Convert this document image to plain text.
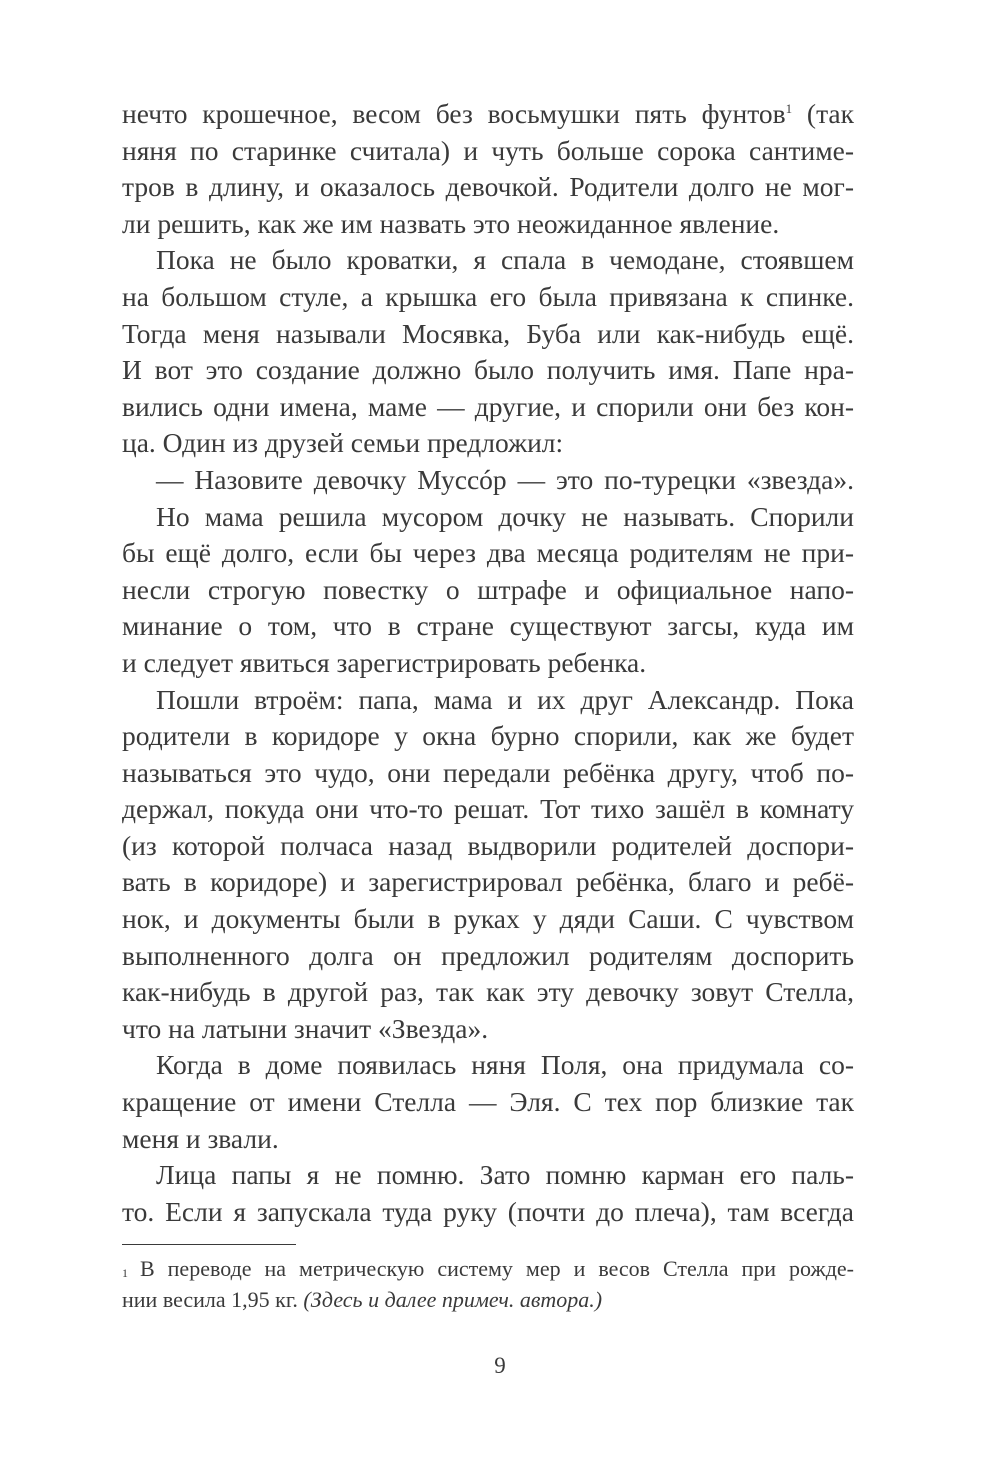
нечто крошечное, весом без восьмушки пять фунтов$^1$ (так
няня по старинке считала) и чуть больше сорока сантиме-
тров в длину, и оказалось девочкой. Родители долго не мог-
ли решить, как же им назвать это неожиданное явление.
Пока не было кроватки, я спала в чемодане, стоявшем
на большом стуле, а крышка его была привязана к спинке.
Тогда меня называли Мосявка, Буба или как-нибудь ещё.
И вот это создание должно было получить имя. Папе нра-
вились одни имена, маме — другие, и спорили они без кон-
ца. Один из друзей семьи предложил:
— Назовите девочку Муссóр — это по-турецки «звезда».
Но мама решила мусором дочку не называть. Спорили
бы ещё долго, если бы через два месяца родителям не при-
несли строгую повестку о штрафе и официальное напо-
минание о том, что в стране существуют загсы, куда им
и следует явиться зарегистрировать ребенка.
Пошли втроём: папа, мама и их друг Александр. Пока
родители в коридоре у окна бурно спорили, как же будет
называться это чудо, они передали ребёнка другу, чтоб по-
держал, покуда они что-то решат. Тот тихо зашёл в комнату
(из которой полчаса назад выдворили родителей доспори-
вать в коридоре) и зарегистрировал ребёнка, благо и ребё-
нок, и документы были в руках у дяди Саши. С чувством
выполненного долга он предложил родителям доспорить
как-нибудь в другой раз, так как эту девочку зовут Стелла,
что на латыни значит «Звезда».
Когда в доме появилась няня Поля, она придумала со-
кращение от имени Стелла — Эля. С тех пор близкие так
меня и звали.
Лица папы я не помню. Зато помню карман его паль-
то. Если я запускала туда руку (почти до плеча), там всегда
$^1$ В переводе на метрическую систему мер и весов Стелла при рожде-
нии весила 1,95 кг. (Здесь и далее примеч. автора.)
9
